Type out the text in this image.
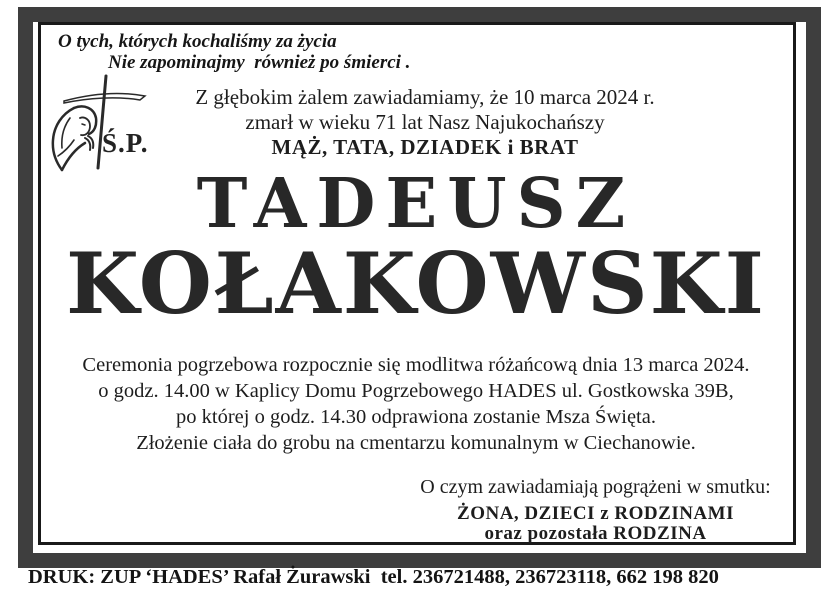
O tych, których kochaliśmy za życia
Nie zapominajmy  również po śmierci .
Ś.P.
Z głębokim żalem zawiadamiamy, że 10 marca 2024 r.
zmarł w wieku 71 lat Nasz Najukochańszy
MĄŻ, TATA, DZIADEK i BRAT
TADEUSZ
KOŁAKOWSKI
Ceremonia pogrzebowa rozpocznie się modlitwa różańcową dnia 13 marca 2024.
o godz. 14.00 w Kaplicy Domu Pogrzebowego HADES ul. Gostkowska 39B,
po której o godz. 14.30 odprawiona zostanie Msza Święta.
Złożenie ciała do grobu na cmentarzu komunalnym w Ciechanowie.
O czym zawiadamiają pogrążeni w smutku:
ŻONA, DZIECI z RODZINAMI
oraz pozostała RODZINA
DRUK: ZUP ‘HADES’ Rafał Żurawski  tel. 236721488, 236723118, 662 198 820
